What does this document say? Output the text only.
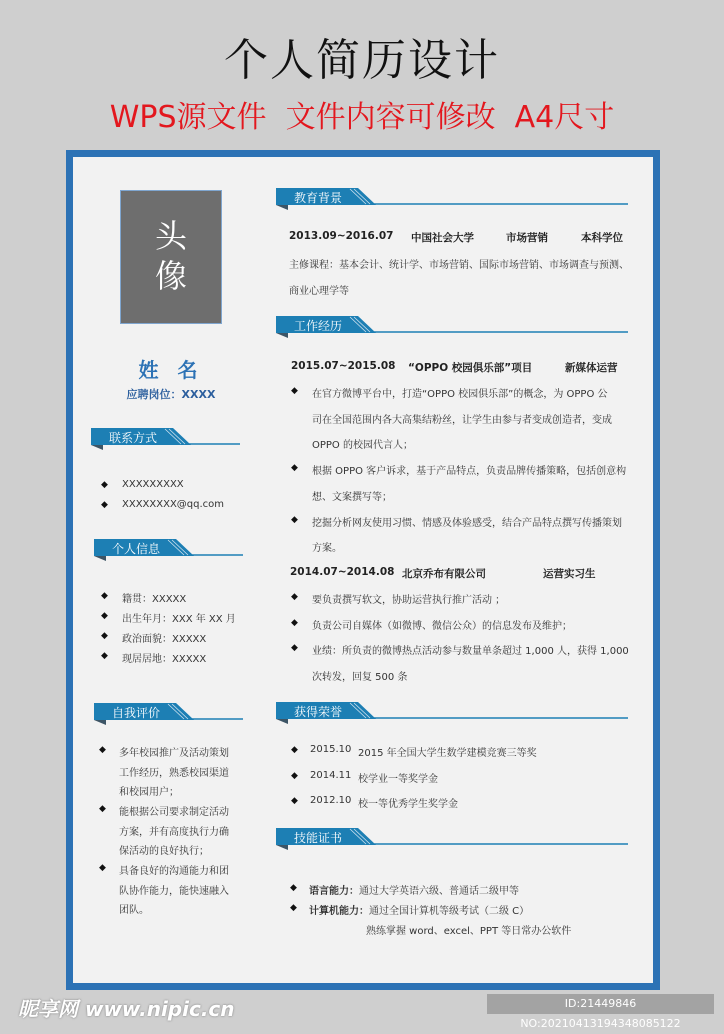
个人简历设计
WPS源文件  文件内容可修改  A4尺寸
头
像
姓 名
应聘岗位：XXXX
联系方式
◆ XXXXXXXXX
◆ XXXXXXXX@qq.com
个人信息
◆ 籍贯：XXXXX
◆ 出生年月：XXX 年 XX 月
◆ 政治面貌：XXXXX
◆ 现居居地：XXXXX
自我评价
◆ 多年校园推广及活动策划
工作经历，熟悉校园渠道
和校园用户；
◆ 能根据公司要求制定活动
方案，并有高度执行力确
保活动的良好执行；
◆ 具备良好的沟通能力和团
队协作能力，能快速融入
团队。
教育背景
2013.09~2016.07 中国社会大学	市场营销	本科学位
主修课程：基本会计、统计学、市场营销、国际市场营销、市场调查与预测、
商业心理学等
工作经历
2015.07~2015.08 “OPPO 校园俱乐部”项目	新媒体运营
◆ 在官方微博平台中，打造“OPPO 校园俱乐部”的概念，为 OPPO 公
司在全国范围内各大高集结粉丝，让学生由参与者变成创造者，变成
OPPO 的校园代言人；
◆ 根据 OPPO 客户诉求，基于产品特点，负责品牌传播策略，包括创意构
想、文案撰写等；
◆ 挖掘分析网友使用习惯、情感及体验感受，结合产品特点撰写传播策划
方案。
2014.07~2014.08 北京乔布有限公司	运营实习生
◆ 要负责撰写软文，协助运营执行推广活动 ；
◆ 负责公司自媒体（如微博、微信公众）的信息发布及维护；
◆ 业绩：所负责的微博热点活动参与数量单条超过 1,000 人，获得 1,000
次转发，回复 500 条
获得荣誉
◆ 2015.10 2015 年全国大学生数学建模竞赛三等奖
◆ 2014.11 校学业一等奖学金
◆ 2012.10 校一等优秀学生奖学金
技能证书
◆ 语言能力：通过大学英语六级、普通话二级甲等
◆ 计算机能力：通过全国计算机等级考试（二级 C）
熟练掌握 word、excel、PPT 等日常办公软件
昵享网 www.nipic.cn	ID:21449846 NO:20210413194348085122
